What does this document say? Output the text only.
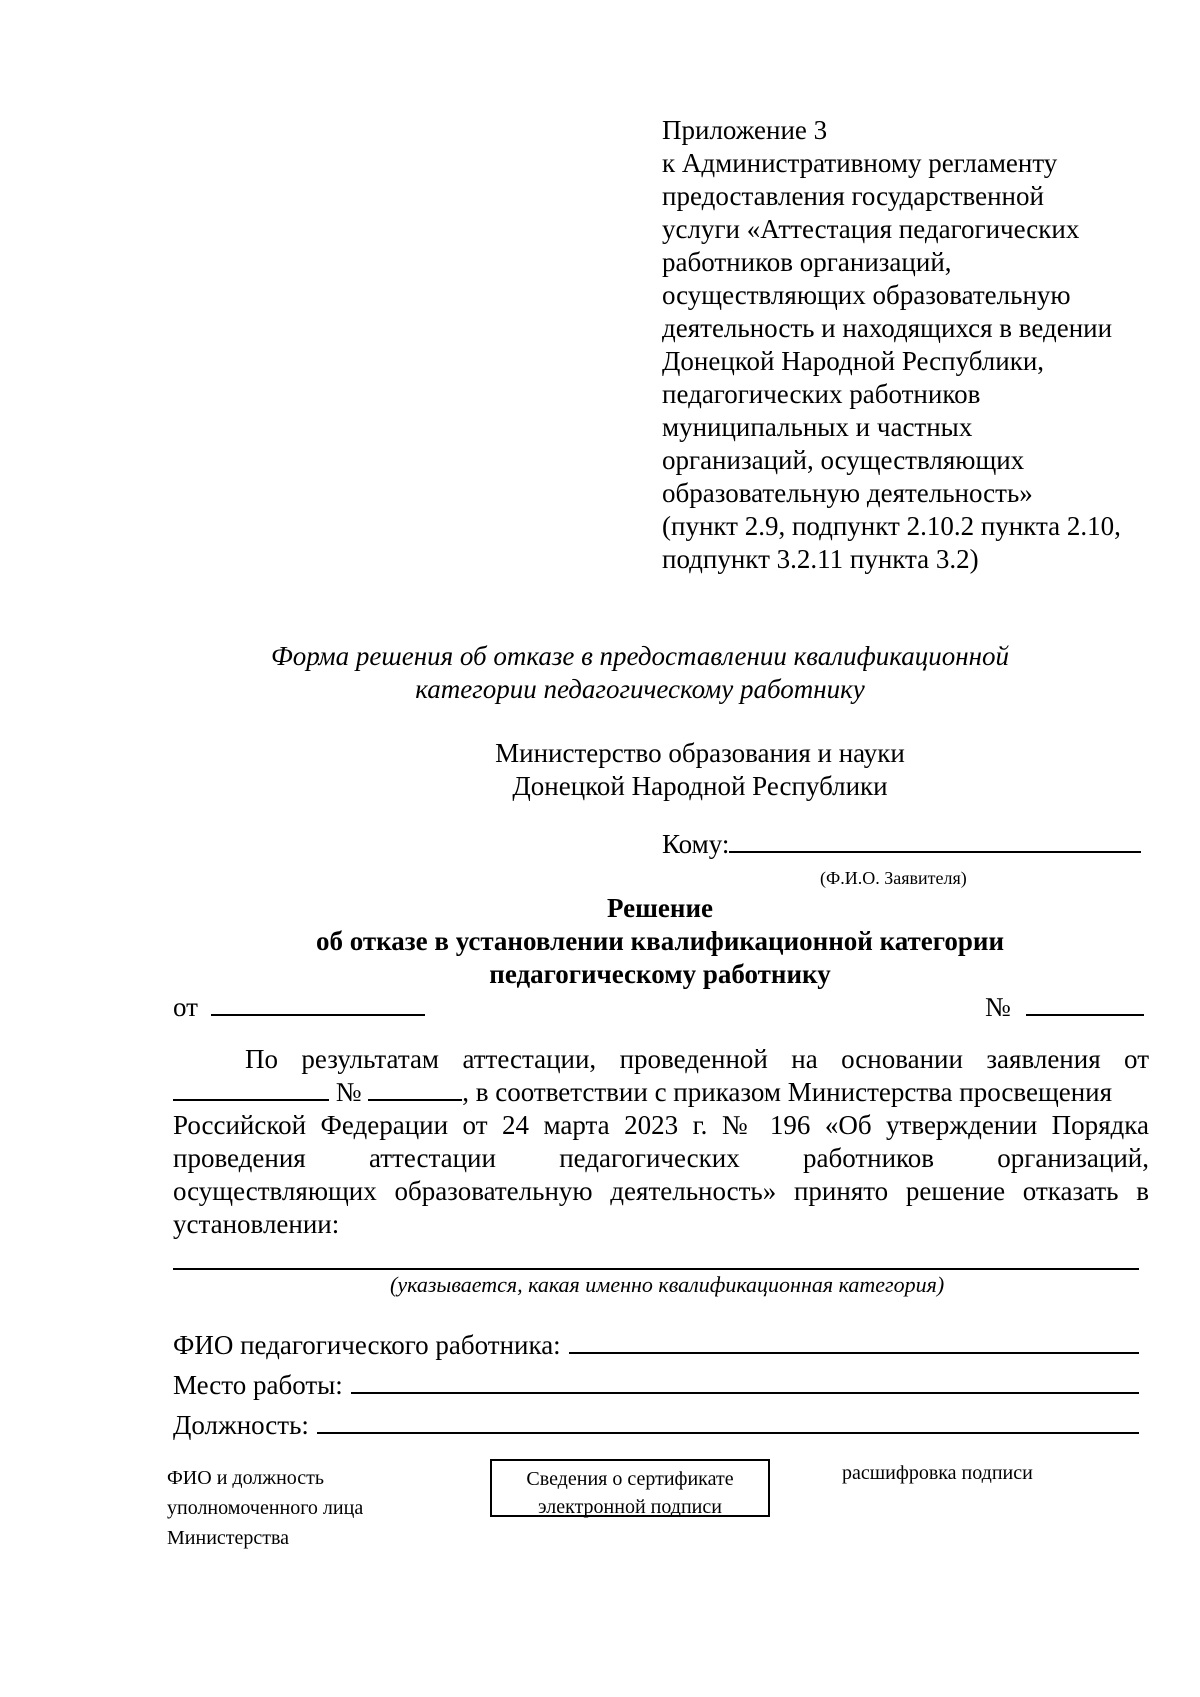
Приложение 3
к Административному регламенту
предоставления государственной
услуги «Аттестация педагогических
работников организаций,
осуществляющих образовательную
деятельность и находящихся в ведении
Донецкой Народной Республики,
педагогических работников
муниципальных и частных
организаций, осуществляющих
образовательную деятельность»
(пункт 2.9, подпункт 2.10.2 пункта 2.10,
подпункт 3.2.11 пункта 3.2)
Форма решения об отказе в предоставлении квалификационной
категории педагогическому работнику
Министерство образования и науки
Донецкой Народной Республики
Кому:
(Ф.И.О. Заявителя)
Решение
об отказе в установлении квалификационной категории
педагогическому работнику
от	№
По результатам аттестации, проведенной на основании заявления от
№	, в соответствии с приказом Министерства просвещения
Российской Федерации от 24 марта 2023 г. № 196 «Об утверждении Порядка
проведения аттестации педагогических работников организаций,
осуществляющих образовательную деятельность» принято решение отказать в
установлении:
(указывается, какая именно квалификационная категория)
ФИО педагогического работника:
Место работы:
Должность:
ФИО и должность
уполномоченного лица
Министерства
Сведения о сертификате
электронной подписи
расшифровка подписи
